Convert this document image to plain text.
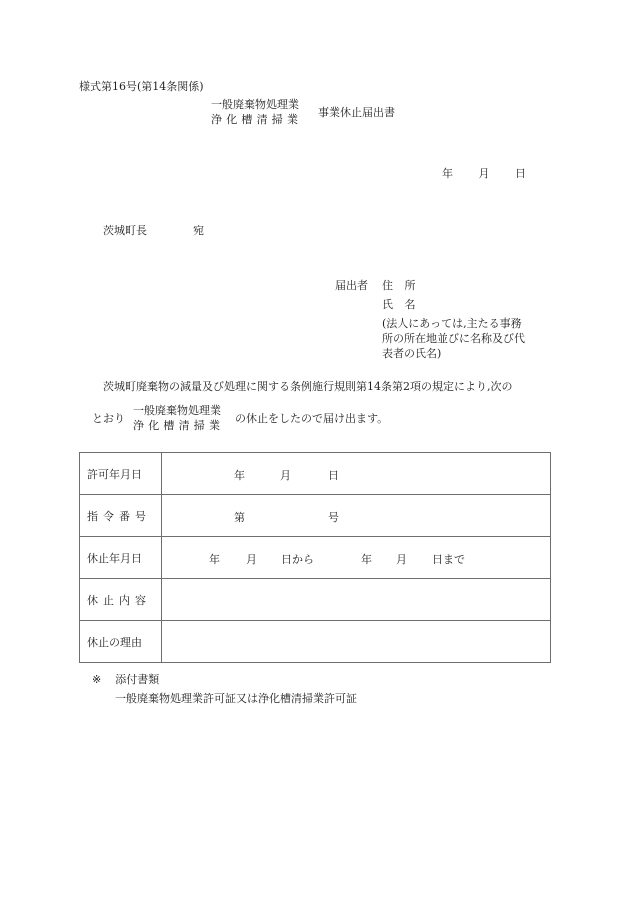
様式第16号(第14条関係)
一般廃棄物処理業
浄化槽清掃業
事業休止届出書
年 月 日
茨城町長	宛
届出者 住 所
氏 名
(法人にあっては,主たる事務所の所在地並びに名称及び代表者の氏名)
茨城町廃棄物の減量及び処理に関する条例施行規則第14条第2項の規定により,次の
とおり
一般廃棄物処理業
浄化槽清掃業
の休止をしたので届け出ます。
許可年月日	年 月 日

指令番号	第 号

休止年月日	年 月 日から	年 月 日まで

休止内容	
休止の理由	
※ 添付書類
一般廃棄物処理業許可証又は浄化槽清掃業許可証
